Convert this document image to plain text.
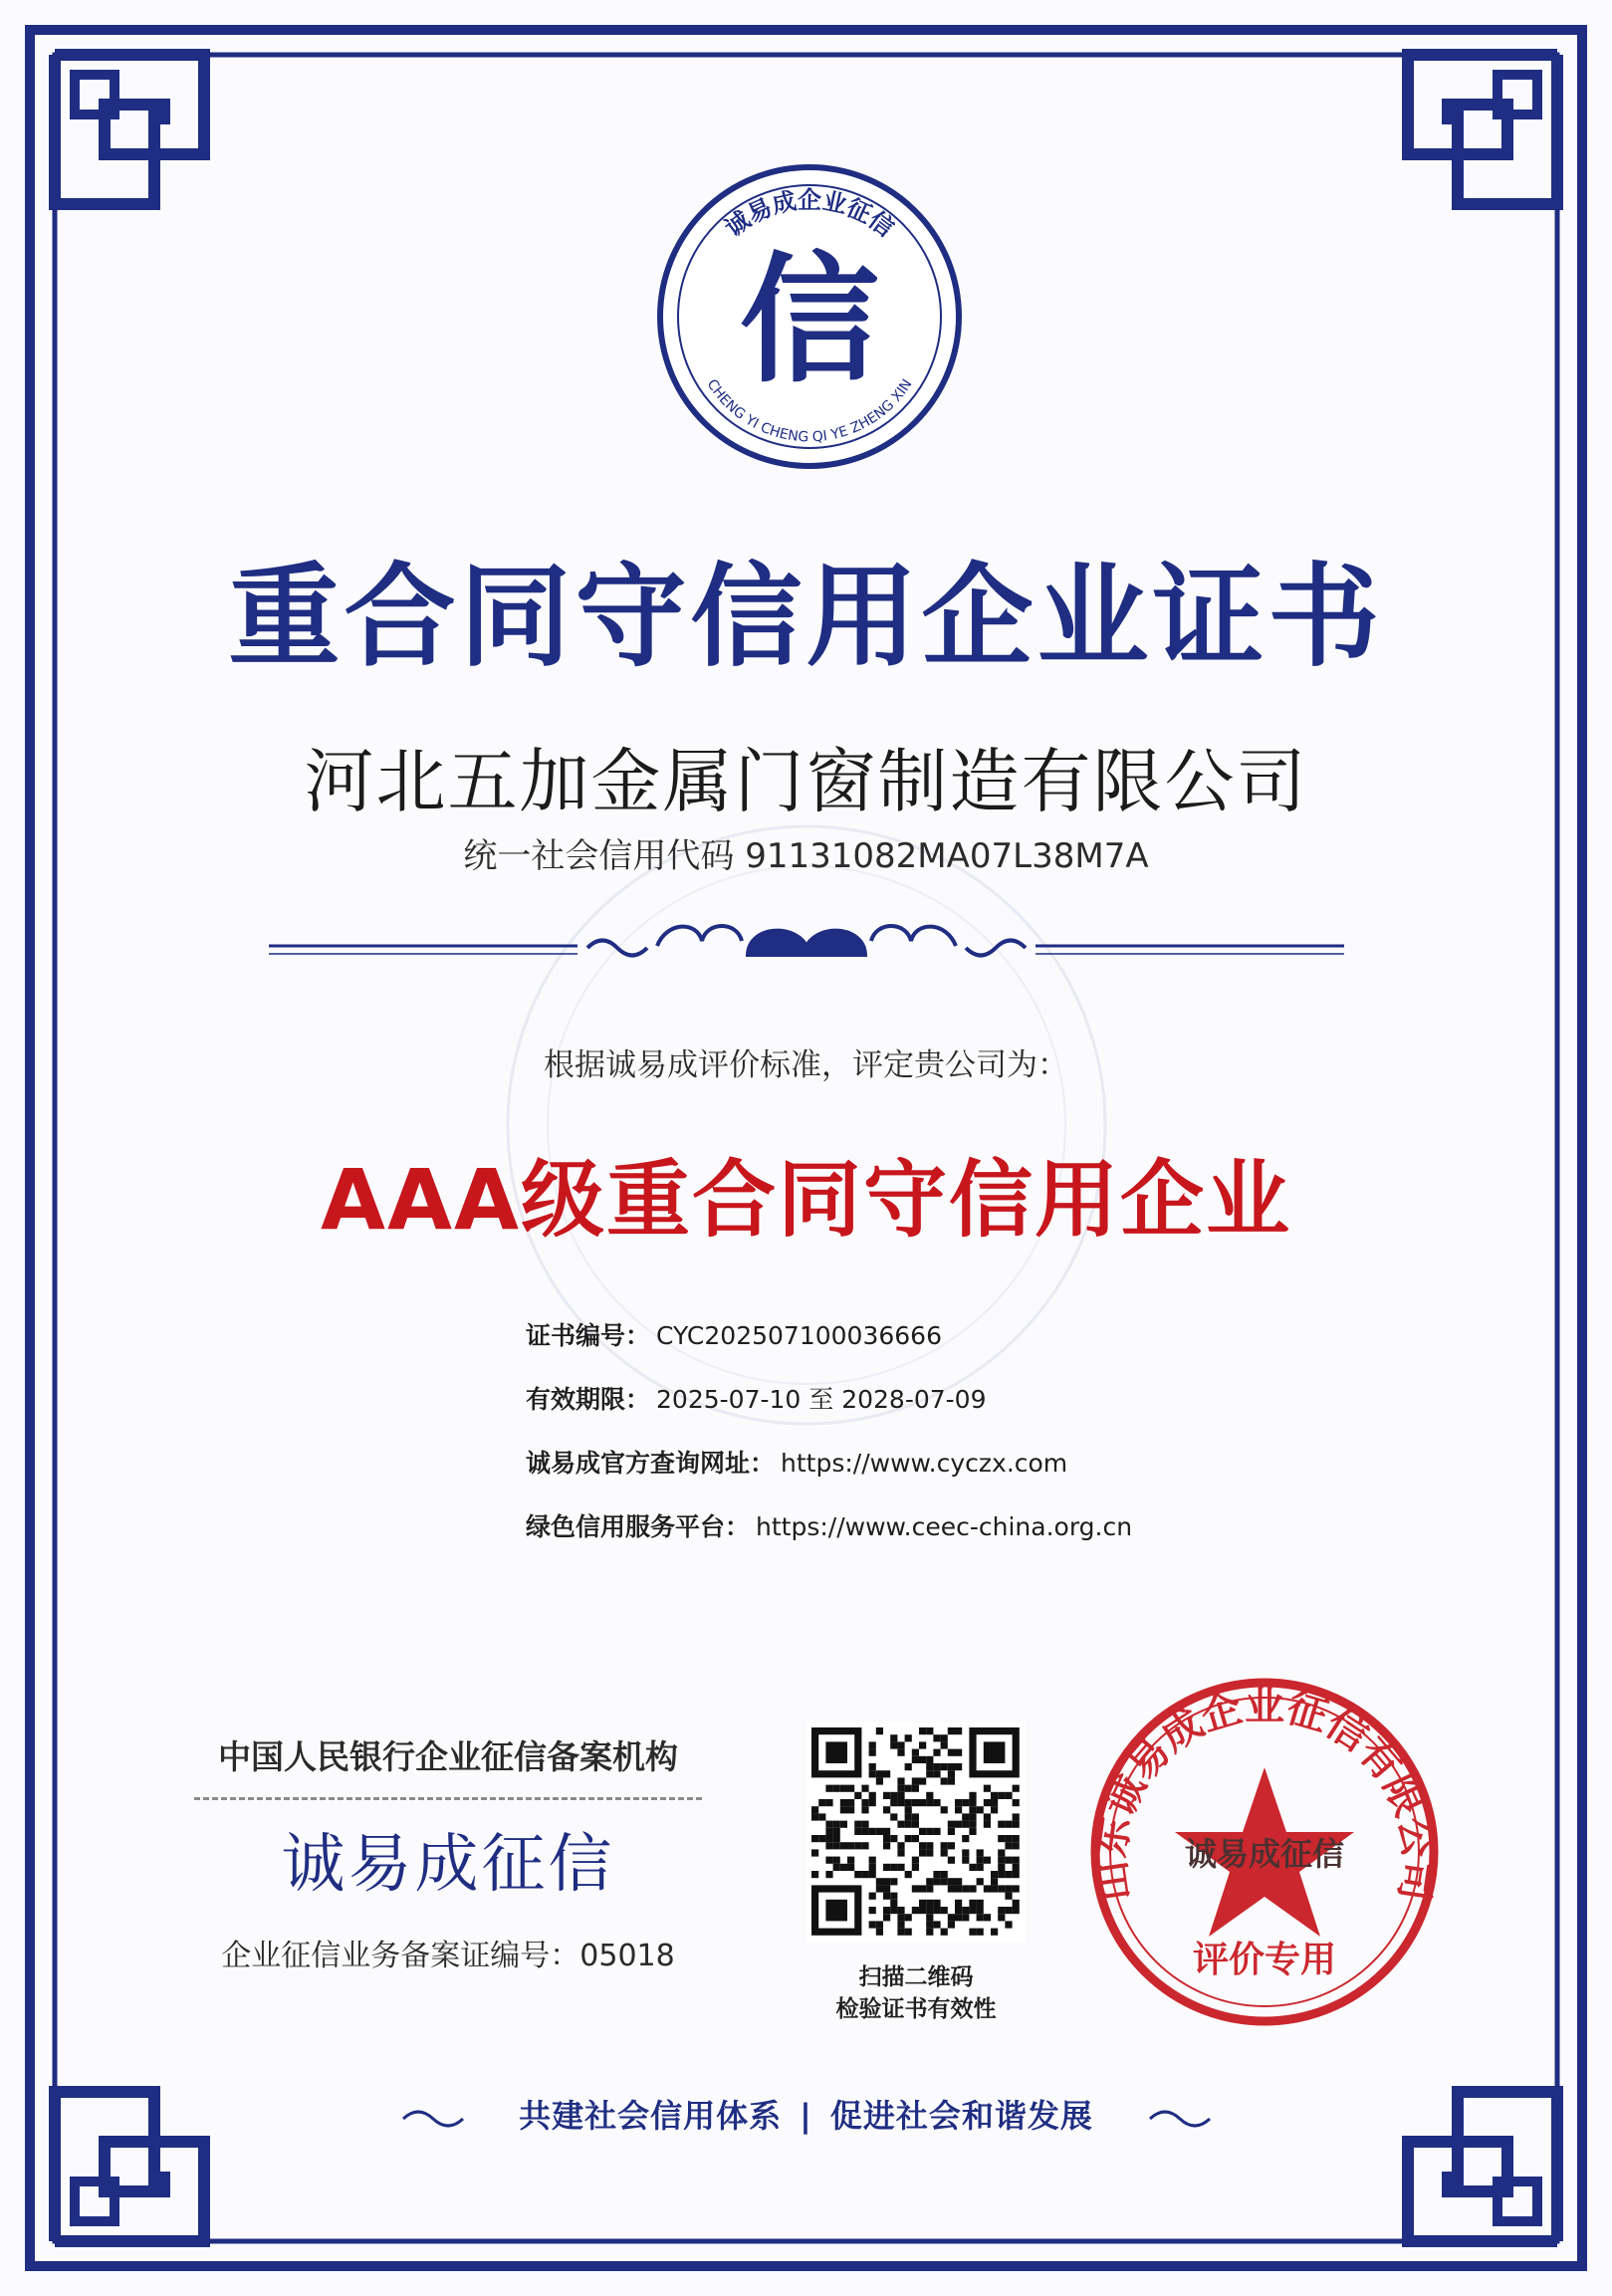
诚易成企业征信
CHENG YI CHENG QI YE ZHENG XIN
信
山东诚易成企业征信有限公司
诚易成征信
评价专用
重合同守信用企业证书
河北五加金属门窗制造有限公司
统一社会信用代码 91131082MA07L38M7A
根据诚易成评价标准，评定贵公司为：
AAA级重合同守信用企业
证书编号： CYC202507100036666
有效期限： 2025-07-10 至 2028-07-09
诚易成官方查询网址： https://www.cyczx.com
绿色信用服务平台： https://www.ceec-china.org.cn
中国人民银行企业征信备案机构
诚易成征信
企业征信业务备案证编号：05018
扫描二维码
检验证书有效性
共建社会信用体系 | 促进社会和谐发展
